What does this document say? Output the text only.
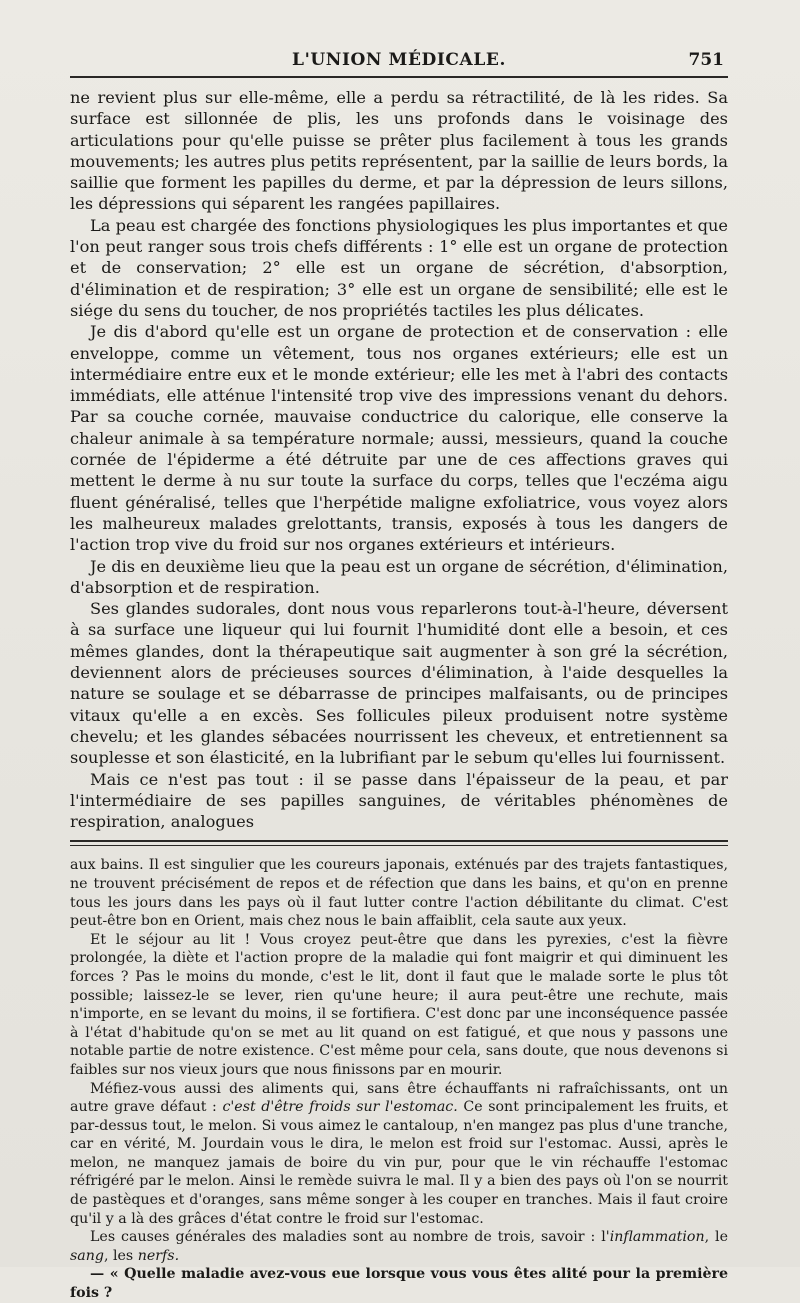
L'UNION MÉDICALE.	751

ne revient plus sur elle-même, elle a perdu sa rétractilité, de là les rides. Sa surface est sillonnée de plis, les uns profonds dans le voisinage des articulations pour qu'elle puisse se prêter plus facilement à tous les grands mouvements; les autres plus petits représentent, par la saillie de leurs bords, la saillie que forment les papilles du derme, et par la dépression de leurs sillons, les dépressions qui séparent les rangées papillaires.

La peau est chargée des fonctions physiologiques les plus importantes et que l'on peut ranger sous trois chefs différents : 1° elle est un organe de protection et de conservation; 2° elle est un organe de sécrétion, d'absorption, d'élimination et de respiration; 3° elle est un organe de sensibilité; elle est le siége du sens du toucher, de nos propriétés tactiles les plus délicates.

Je dis d'abord qu'elle est un organe de protection et de conservation : elle enveloppe, comme un vêtement, tous nos organes extérieurs; elle est un intermédiaire entre eux et le monde extérieur; elle les met à l'abri des contacts immédiats, elle atténue l'intensité trop vive des impressions venant du dehors. Par sa couche cornée, mauvaise conductrice du calorique, elle conserve la chaleur animale à sa température normale; aussi, messieurs, quand la couche cornée de l'épiderme a été détruite par une de ces affections graves qui mettent le derme à nu sur toute la surface du corps, telles que l'eczéma aigu fluent généralisé, telles que l'herpétide maligne exfoliatrice, vous voyez alors les malheureux malades grelottants, transis, exposés à tous les dangers de l'action trop vive du froid sur nos organes extérieurs et intérieurs.

Je dis en deuxième lieu que la peau est un organe de sécrétion, d'élimination, d'absorption et de respiration.

Ses glandes sudorales, dont nous vous reparlerons tout-à-l'heure, déversent à sa surface une liqueur qui lui fournit l'humidité dont elle a besoin, et ces mêmes glandes, dont la thérapeutique sait augmenter à son gré la sécrétion, deviennent alors de précieuses sources d'élimination, à l'aide desquelles la nature se soulage et se débarrasse de principes malfaisants, ou de principes vitaux qu'elle a en excès. Ses follicules pileux produisent notre système chevelu; et les glandes sébacées nourrissent les cheveux, et entretiennent sa souplesse et son élasticité, en la lubrifiant par le sebum qu'elles lui fournissent.

Mais ce n'est pas tout : il se passe dans l'épaisseur de la peau, et par l'intermédiaire de ses papilles sanguines, de véritables phénomènes de respiration, analogues

aux bains. Il est singulier que les coureurs japonais, exténués par des trajets fantastiques, ne trouvent précisément de repos et de réfection que dans les bains, et qu'on en prenne tous les jours dans les pays où il faut lutter contre l'action débilitante du climat. C'est peut-être bon en Orient, mais chez nous le bain affaiblit, cela saute aux yeux.

Et le séjour au lit ! Vous croyez peut-être que dans les pyrexies, c'est la fièvre prolongée, la diète et l'action propre de la maladie qui font maigrir et qui diminuent les forces ? Pas le moins du monde, c'est le lit, dont il faut que le malade sorte le plus tôt possible; laissez-le se lever, rien qu'une heure; il aura peut-être une rechute, mais n'importe, en se levant du moins, il se fortifiera. C'est donc par une inconséquence passée à l'état d'habitude qu'on se met au lit quand on est fatigué, et que nous y passons une notable partie de notre existence. C'est même pour cela, sans doute, que nous devenons si faibles sur nos vieux jours que nous finissons par en mourir.

Méfiez-vous aussi des aliments qui, sans être échauffants ni rafraîchissants, ont un autre grave défaut : c'est d'être froids sur l'estomac. Ce sont principalement les fruits, et par-dessus tout, le melon. Si vous aimez le cantaloup, n'en mangez pas plus d'une tranche, car en vérité, M. Jourdain vous le dira, le melon est froid sur l'estomac. Aussi, après le melon, ne manquez jamais de boire du vin pur, pour que le vin réchauffe l'estomac réfrigéré par le melon. Ainsi le remède suivra le mal. Il y a bien des pays où l'on se nourrit de pastèques et d'oranges, sans même songer à les couper en tranches. Mais il faut croire qu'il y a là des grâces d'état contre le froid sur l'estomac.

Les causes générales des maladies sont au nombre de trois, savoir : l'inflammation, le sang, les nerfs.

— « Quelle maladie avez-vous eue lorsque vous vous êtes alité pour la première fois ?
